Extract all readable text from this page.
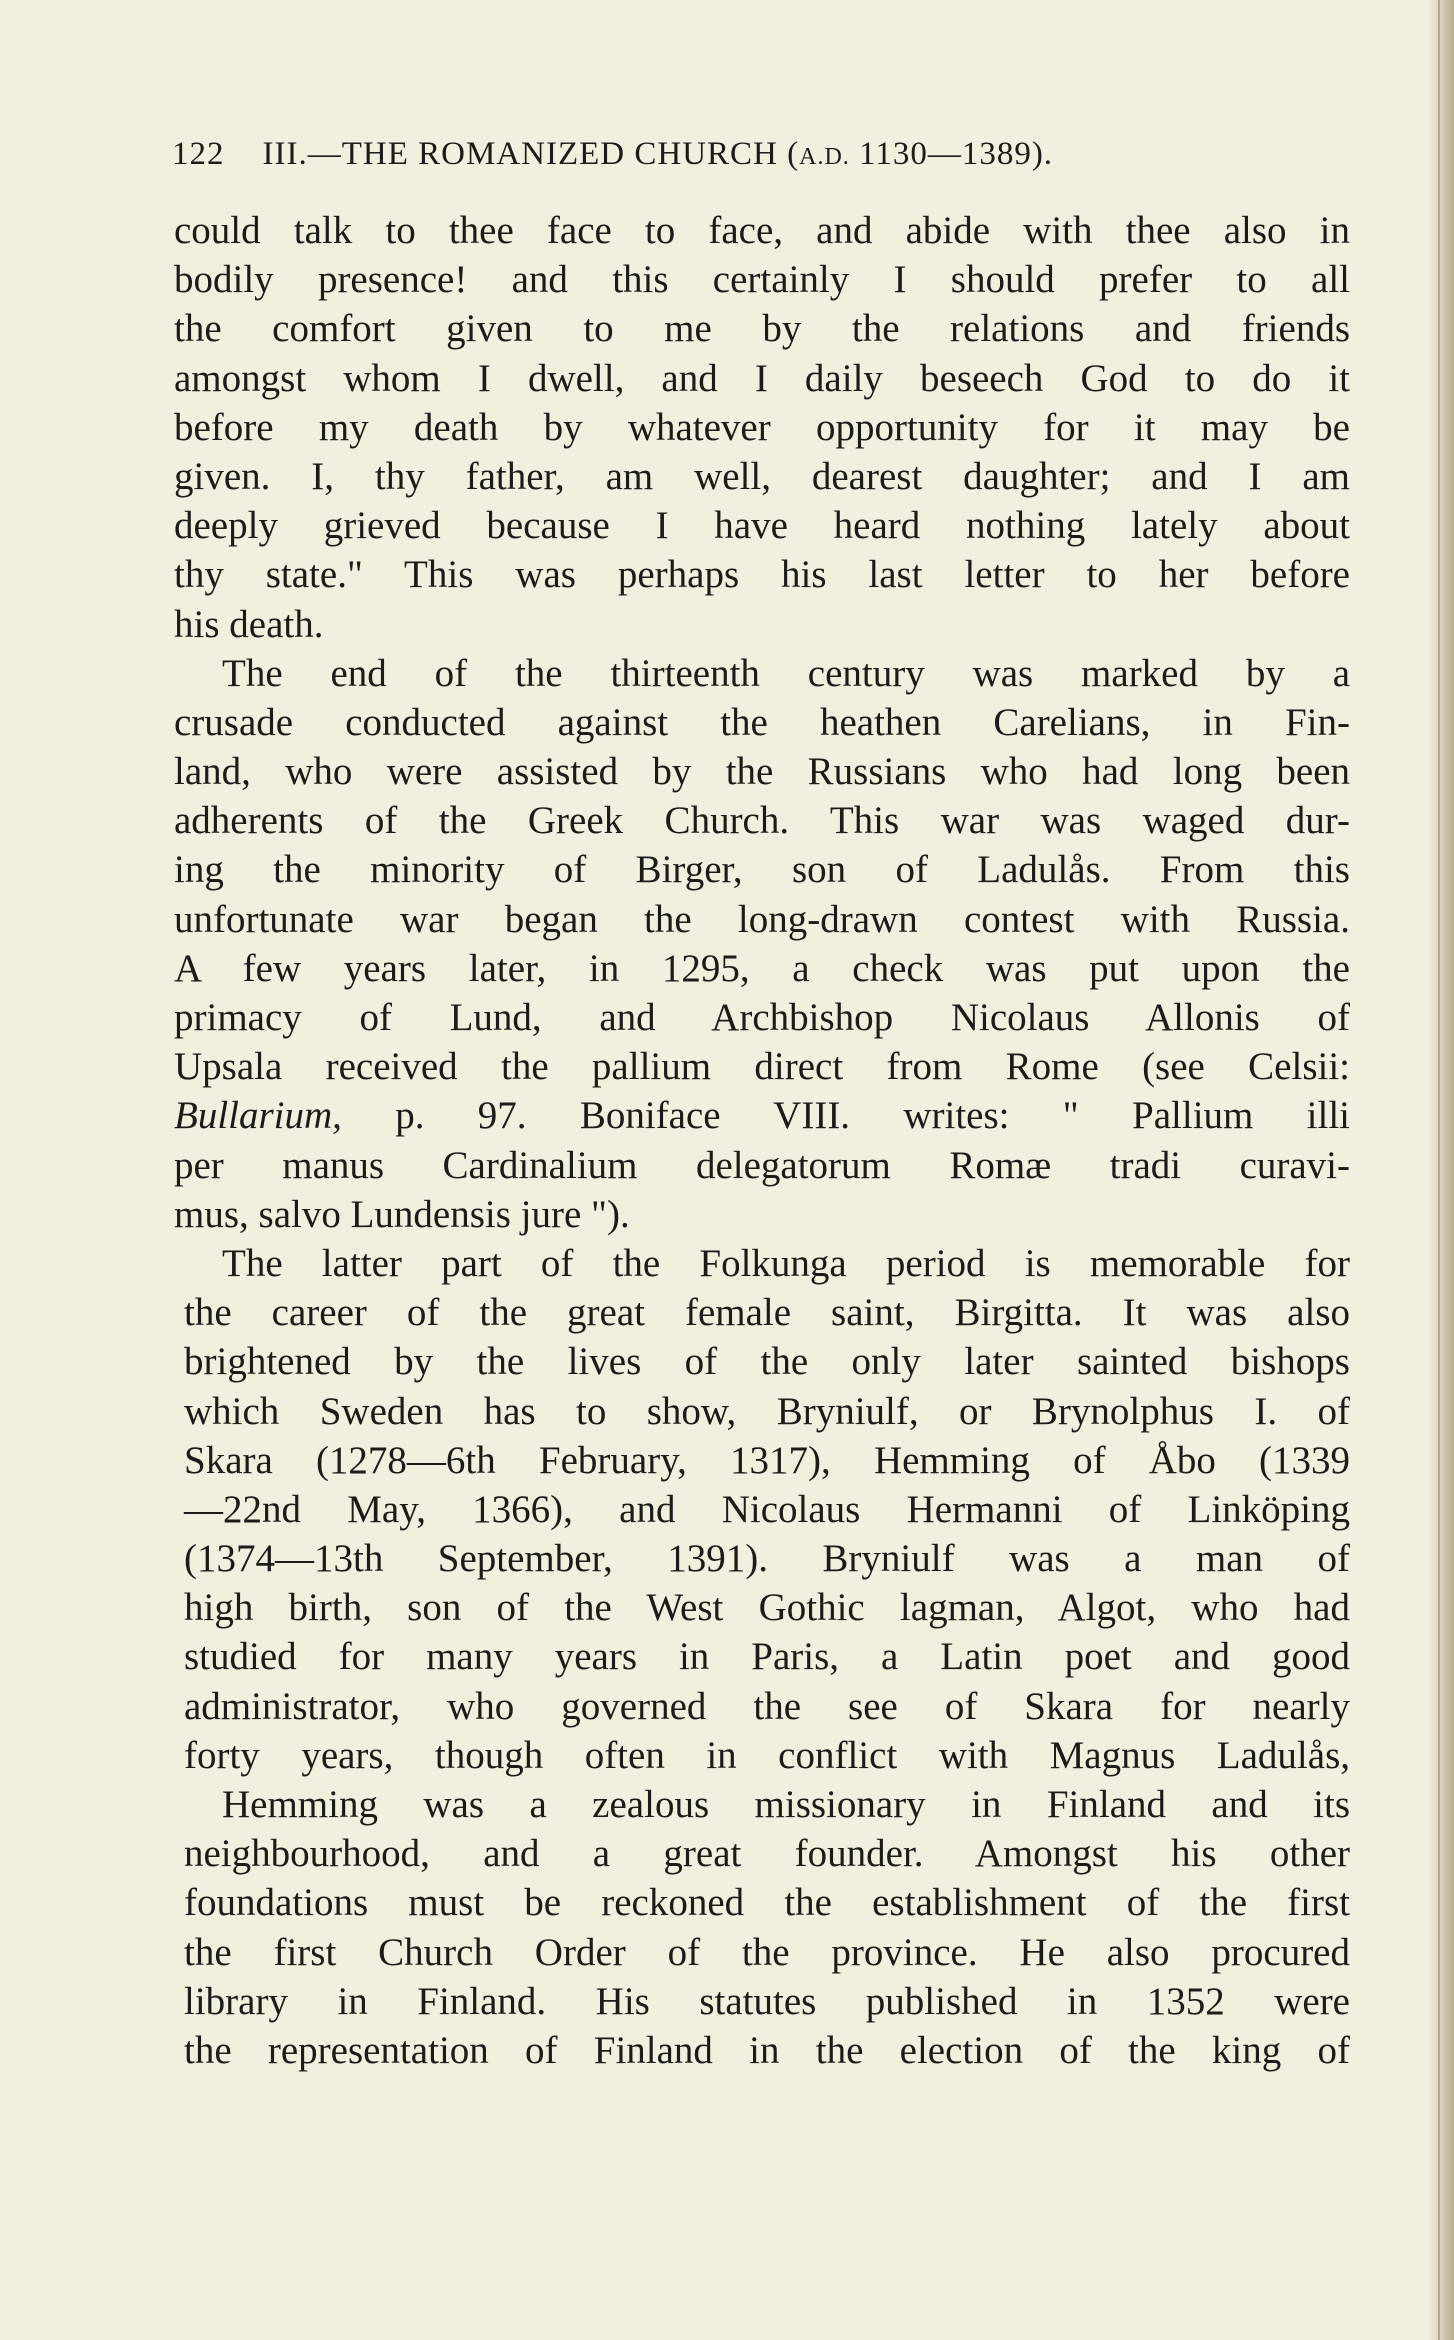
122 III.—THE ROMANIZED CHURCH (A.D. 1130—1389).
could talk to thee face to face, and abide with thee also in
bodily presence! and this certainly I should prefer to all
the comfort given to me by the relations and friends
amongst whom I dwell, and I daily beseech God to do it
before my death by whatever opportunity for it may be
given. I, thy father, am well, dearest daughter; and I am
deeply grieved because I have heard nothing lately about
thy state." This was perhaps his last letter to her before
his death.
The end of the thirteenth century was marked by a
crusade conducted against the heathen Carelians, in Fin-
land, who were assisted by the Russians who had long been
adherents of the Greek Church. This war was waged dur-
ing the minority of Birger, son of Ladulås. From this
unfortunate war began the long-drawn contest with Russia.
A few years later, in 1295, a check was put upon the
primacy of Lund, and Archbishop Nicolaus Allonis of
Upsala received the pallium direct from Rome (see Celsii:
Bullarium, p. 97. Boniface VIII. writes: " Pallium illi
per manus Cardinalium delegatorum Romæ tradi curavi-
mus, salvo Lundensis jure ").
The latter part of the Folkunga period is memorable for
the career of the great female saint, Birgitta. It was also
brightened by the lives of the only later sainted bishops
which Sweden has to show, Bryniulf, or Brynolphus I. of
Skara (1278—6th February, 1317), Hemming of Åbo (1339
—22nd May, 1366), and Nicolaus Hermanni of Linköping
(1374—13th September, 1391). Bryniulf was a man of
high birth, son of the West Gothic lagman, Algot, who had
studied for many years in Paris, a Latin poet and good
administrator, who governed the see of Skara for nearly
forty years, though often in conflict with Magnus Ladulås,
Hemming was a zealous missionary in Finland and its
neighbourhood, and a great founder. Amongst his other
foundations must be reckoned the establishment of the first
the first Church Order of the province. He also procured
library in Finland. His statutes published in 1352 were
the representation of Finland in the election of the king of
